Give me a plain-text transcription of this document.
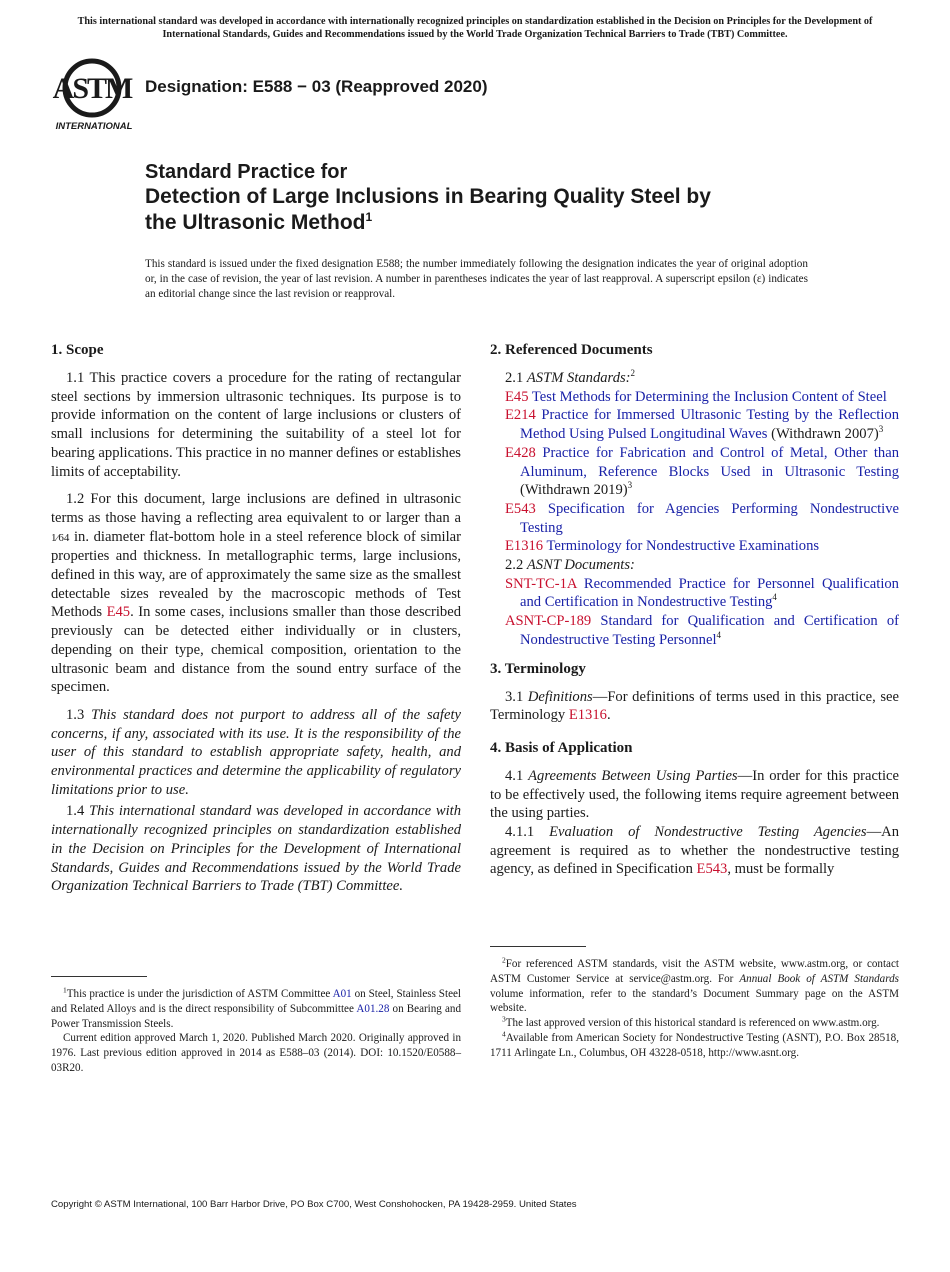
This international standard was developed in accordance with internationally recognized principles on standardization established in the Decision on Principles for the Development of International Standards, Guides and Recommendations issued by the World Trade Organization Technical Barriers to Trade (TBT) Committee.
ASTM
INTERNATIONAL
Designation: E588 − 03 (Reapproved 2020)
Standard Practice for
Detection of Large Inclusions in Bearing Quality Steel by
the Ultrasonic Method$^1$
This standard is issued under the fixed designation E588; the number immediately following the designation indicates the year of original adoption or, in the case of revision, the year of last revision. A number in parentheses indicates the year of last reapproval. A superscript epsilon (ε) indicates an editorial change since the last revision or reapproval.
1. Scope

1.1 This practice covers a procedure for the rating of rectangular steel sections by immersion ultrasonic techniques. Its purpose is to provide information on the content of large inclusions or clusters of small inclusions for determining the suitability of a steel lot for bearing applications. This practice in no manner defines or establishes limits of acceptability.

1.2 For this document, large inclusions are defined in ultrasonic terms as those having a reflecting area equivalent to or larger than a 1⁄64 in. diameter flat-bottom hole in a steel reference block of similar properties and thickness. In metallographic terms, large inclusions, defined in this way, are of approximately the same size as the smallest detectable sizes revealed by the macroscopic methods of Test Methods E45. In some cases, inclusions smaller than those described previously can be detected either individually or in clusters, depending on their type, chemical composition, orientation to the ultrasonic beam and distance from the sound entry surface of the specimen.

1.3 This standard does not purport to address all of the safety concerns, if any, associated with its use. It is the responsibility of the user of this standard to establish appropriate safety, health, and environmental practices and determine the applicability of regulatory limitations prior to use.

1.4 This international standard was developed in accordance with internationally recognized principles on standardization established in the Decision on Principles for the Development of International Standards, Guides and Recommendations issued by the World Trade Organization Technical Barriers to Trade (TBT) Committee.

2. Referenced Documents
2.1 ASTM Standards:$^2$

E45 Test Methods for Determining the Inclusion Content of Steel

E214 Practice for Immersed Ultrasonic Testing by the Reflection Method Using Pulsed Longitudinal Waves (Withdrawn 2007)$^3$

E428 Practice for Fabrication and Control of Metal, Other than Aluminum, Reference Blocks Used in Ultrasonic Testing (Withdrawn 2019)$^3$

E543 Specification for Agencies Performing Nondestructive Testing

E1316 Terminology for Nondestructive Examinations

2.2 ASNT Documents:

SNT-TC-1A Recommended Practice for Personnel Qualification and Certification in Nondestructive Testing$^4$

ASNT-CP-189 Standard for Qualification and Certification of Nondestructive Testing Personnel$^4$

3. Terminology

3.1 Definitions—For definitions of terms used in this practice, see Terminology E1316.

4. Basis of Application

4.1 Agreements Between Using Parties—In order for this practice to be effectively used, the following items require agreement between the using parties.

4.1.1 Evaluation of Nondestructive Testing Agencies—An agreement is required as to whether the nondestructive testing agency, as defined in Specification E543, must be formally

$^1$This practice is under the jurisdiction of ASTM Committee A01 on Steel, Stainless Steel and Related Alloys and is the direct responsibility of Subcommittee A01.28 on Bearing and Power Transmission Steels.

Current edition approved March 1, 2020. Published March 2020. Originally approved in 1976. Last previous edition approved in 2014 as E588–03 (2014). DOI: 10.1520/E0588–03R20.

$^2$For referenced ASTM standards, visit the ASTM website, www.astm.org, or contact ASTM Customer Service at service@astm.org. For Annual Book of ASTM Standards volume information, refer to the standard’s Document Summary page on the ASTM website.

$^3$The last approved version of this historical standard is referenced on www.astm.org.

$^4$Available from American Society for Nondestructive Testing (ASNT), P.O. Box 28518, 1711 Arlingate Ln., Columbus, OH 43228-0518, http://www.asnt.org.

Copyright © ASTM International, 100 Barr Harbor Drive, PO Box C700, West Conshohocken, PA 19428-2959. United States
